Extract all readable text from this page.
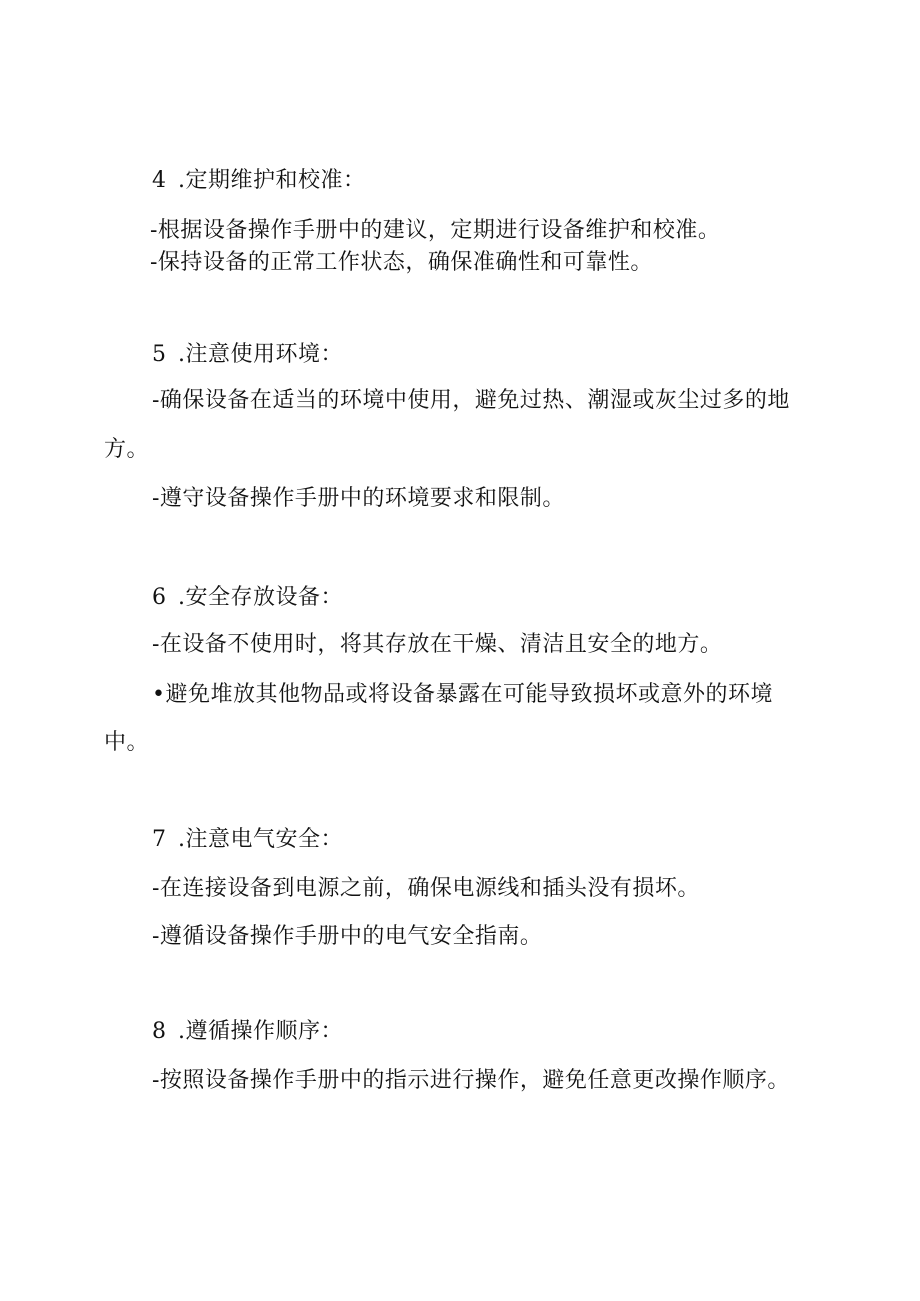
4 .定期维护和校准：
-根据设备操作手册中的建议，定期进行设备维护和校准。
-保持设备的正常工作状态，确保准确性和可靠性。
5 .注意使用环境：
-确保设备在适当的环境中使用，避免过热、潮湿或灰尘过多的地
方。
-遵守设备操作手册中的环境要求和限制。
6 .安全存放设备：
-在设备不使用时，将其存放在干燥、清洁且安全的地方。
•避免堆放其他物品或将设备暴露在可能导致损坏或意外的环境
中。
7 .注意电气安全：
-在连接设备到电源之前，确保电源线和插头没有损坏。
-遵循设备操作手册中的电气安全指南。
8 .遵循操作顺序：
-按照设备操作手册中的指示进行操作，避免任意更改操作顺序。
